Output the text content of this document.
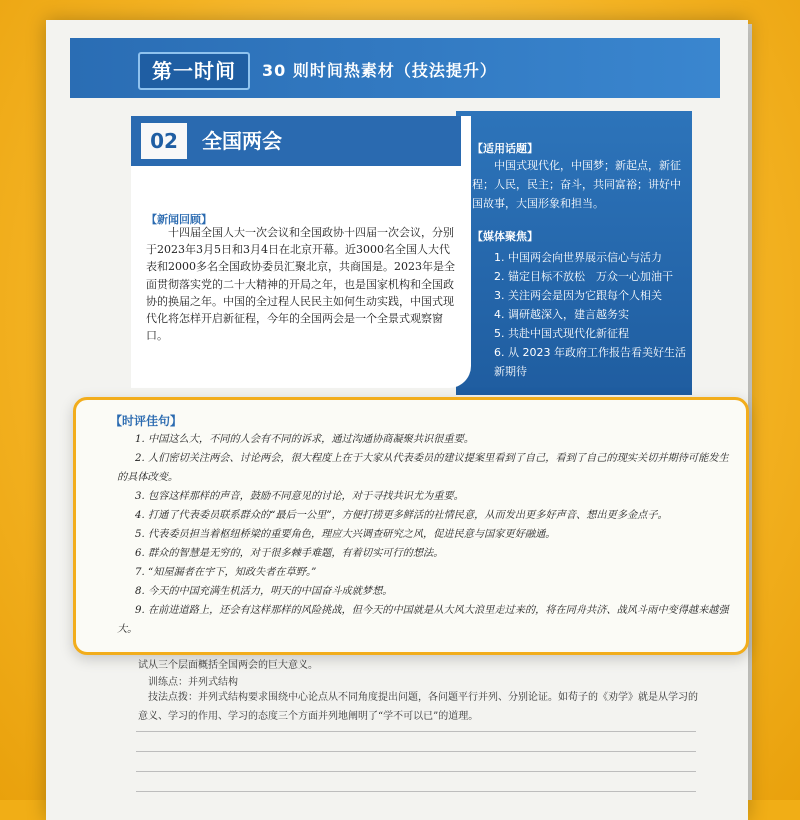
第一时间	30 则时间热素材（技法提升）
02	全国两会
【新闻回顾】
十四届全国人大一次会议和全国政协十四届一次会议，分别于2023年3月5日和3月4日在北京开幕。近3000名全国人大代表和2000多名全国政协委员汇聚北京，共商国是。2023年是全面贯彻落实党的二十大精神的开局之年，也是国家机构和全国政协的换届之年。中国的全过程人民民主如何生动实践，中国式现代化将怎样开启新征程，今年的全国两会是一个全景式观察窗口。
【适用话题】
中国式现代化，中国梦；新起点，新征程；人民，民主；奋斗，共同富裕；讲好中国故事，大国形象和担当。
【媒体聚焦】
1. 中国两会向世界展示信心与活力
2. 锚定目标不放松　万众一心加油干
3. 关注两会是因为它跟每个人相关
4. 调研越深入，建言越务实
5. 共赴中国式现代化新征程
6. 从 2023 年政府工作报告看美好生活新期待
【时评佳句】
1. 中国这么大，不同的人会有不同的诉求，通过沟通协商凝聚共识很重要。
2. 人们密切关注两会、讨论两会，很大程度上在于大家从代表委员的建议提案里看到了自己，看到了自己的现实关切并期待可能发生的具体改变。
3. 包容这样那样的声音，鼓励不同意见的讨论，对于寻找共识尤为重要。
4. 打通了代表委员联系群众的“最后一公里”，方便打捞更多鲜活的社情民意，从而发出更多好声音、想出更多金点子。
5. 代表委员担当着枢纽桥梁的重要角色，理应大兴调查研究之风，促进民意与国家更好融通。
6. 群众的智慧是无穷的，对于很多棘手难题，有着切实可行的想法。
7. “知屋漏者在宇下，知政失者在草野。”
8. 今天的中国充满生机活力，明天的中国奋斗成就梦想。
9. 在前进道路上，还会有这样那样的风险挑战，但今天的中国就是从大风大浪里走过来的，将在同舟共济、战风斗雨中变得越来越强大。
试从三个层面概括全国两会的巨大意义。
训练点：并列式结构
技法点拨：并列式结构要求围绕中心论点从不同角度提出问题，各问题平行并列、分别论证。如荀子的《劝学》就是从学习的意义、学习的作用、学习的态度三个方面并列地阐明了“学不可以已”的道理。
